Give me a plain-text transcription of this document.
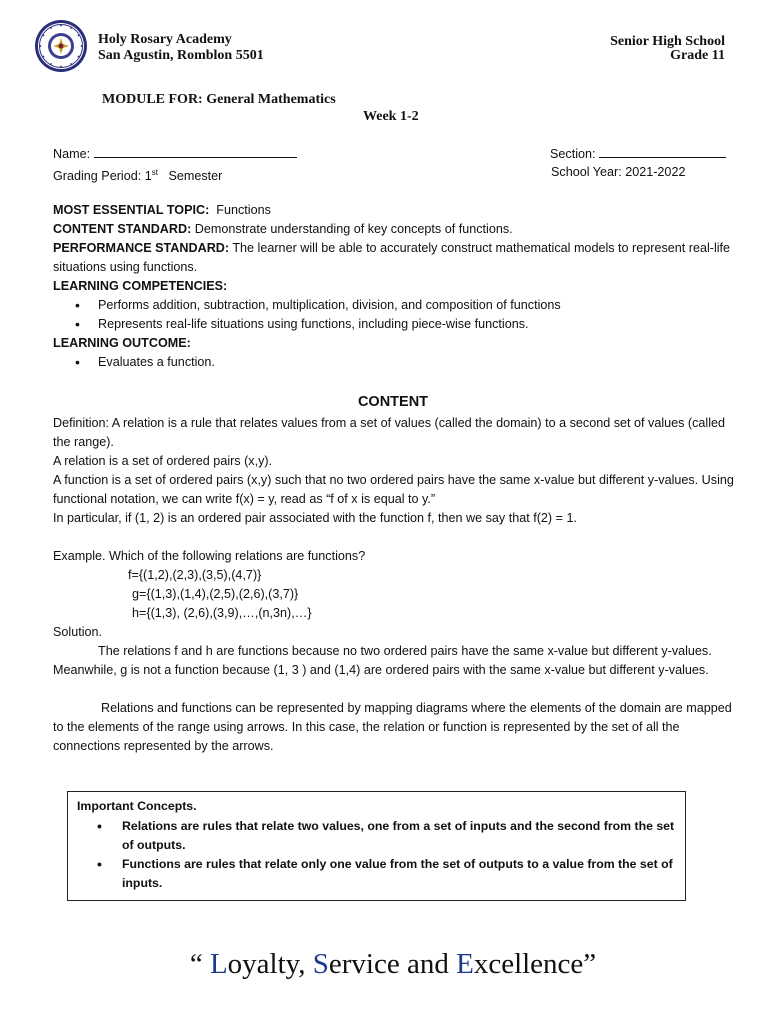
Holy Rosary Academy
San Agustin, Romblon 5501
Senior High School
Grade 11
MODULE FOR: General Mathematics
Week 1-2
Name:	Section:
Grading Period: 1st Semester	School Year: 2021-2022
MOST ESSENTIAL TOPIC: Functions
CONTENT STANDARD: Demonstrate understanding of key concepts of functions.
PERFORMANCE STANDARD: The learner will be able to accurately construct mathematical models to represent real-life situations using functions.
LEARNING COMPETENCIES:
• Performs addition, subtraction, multiplication, division, and composition of functions
• Represents real-life situations using functions, including piece-wise functions.
LEARNING OUTCOME:
• Evaluates a function.
CONTENT
Definition: A relation is a rule that relates values from a set of values (called the domain) to a second set of values (called the range).
A relation is a set of ordered pairs (x,y).
A function is a set of ordered pairs (x,y) such that no two ordered pairs have the same x-value but different y-values. Using functional notation, we can write f(x) = y, read as “f of x is equal to y.”
In particular, if (1, 2) is an ordered pair associated with the function f, then we say that f(2) = 1.
Example. Which of the following relations are functions?
f={(1,2),(2,3),(3,5),(4,7)}
g={(1,3),(1,4),(2,5),(2,6),(3,7)}
h={(1,3), (2,6),(3,9),…,(n,3n),…}
Solution.
The relations f and h are functions because no two ordered pairs have the same x-value but different y-values. Meanwhile, g is not a function because (1, 3 ) and (1,4) are ordered pairs with the same x-value but different y-values.
Relations and functions can be represented by mapping diagrams where the elements of the domain are mapped to the elements of the range using arrows. In this case, the relation or function is represented by the set of all the connections represented by the arrows.
Important Concepts.
• Relations are rules that relate two values, one from a set of inputs and the second from the set of outputs.
• Functions are rules that relate only one value from the set of outputs to a value from the set of inputs.
“ Loyalty, Service and Excellence”
